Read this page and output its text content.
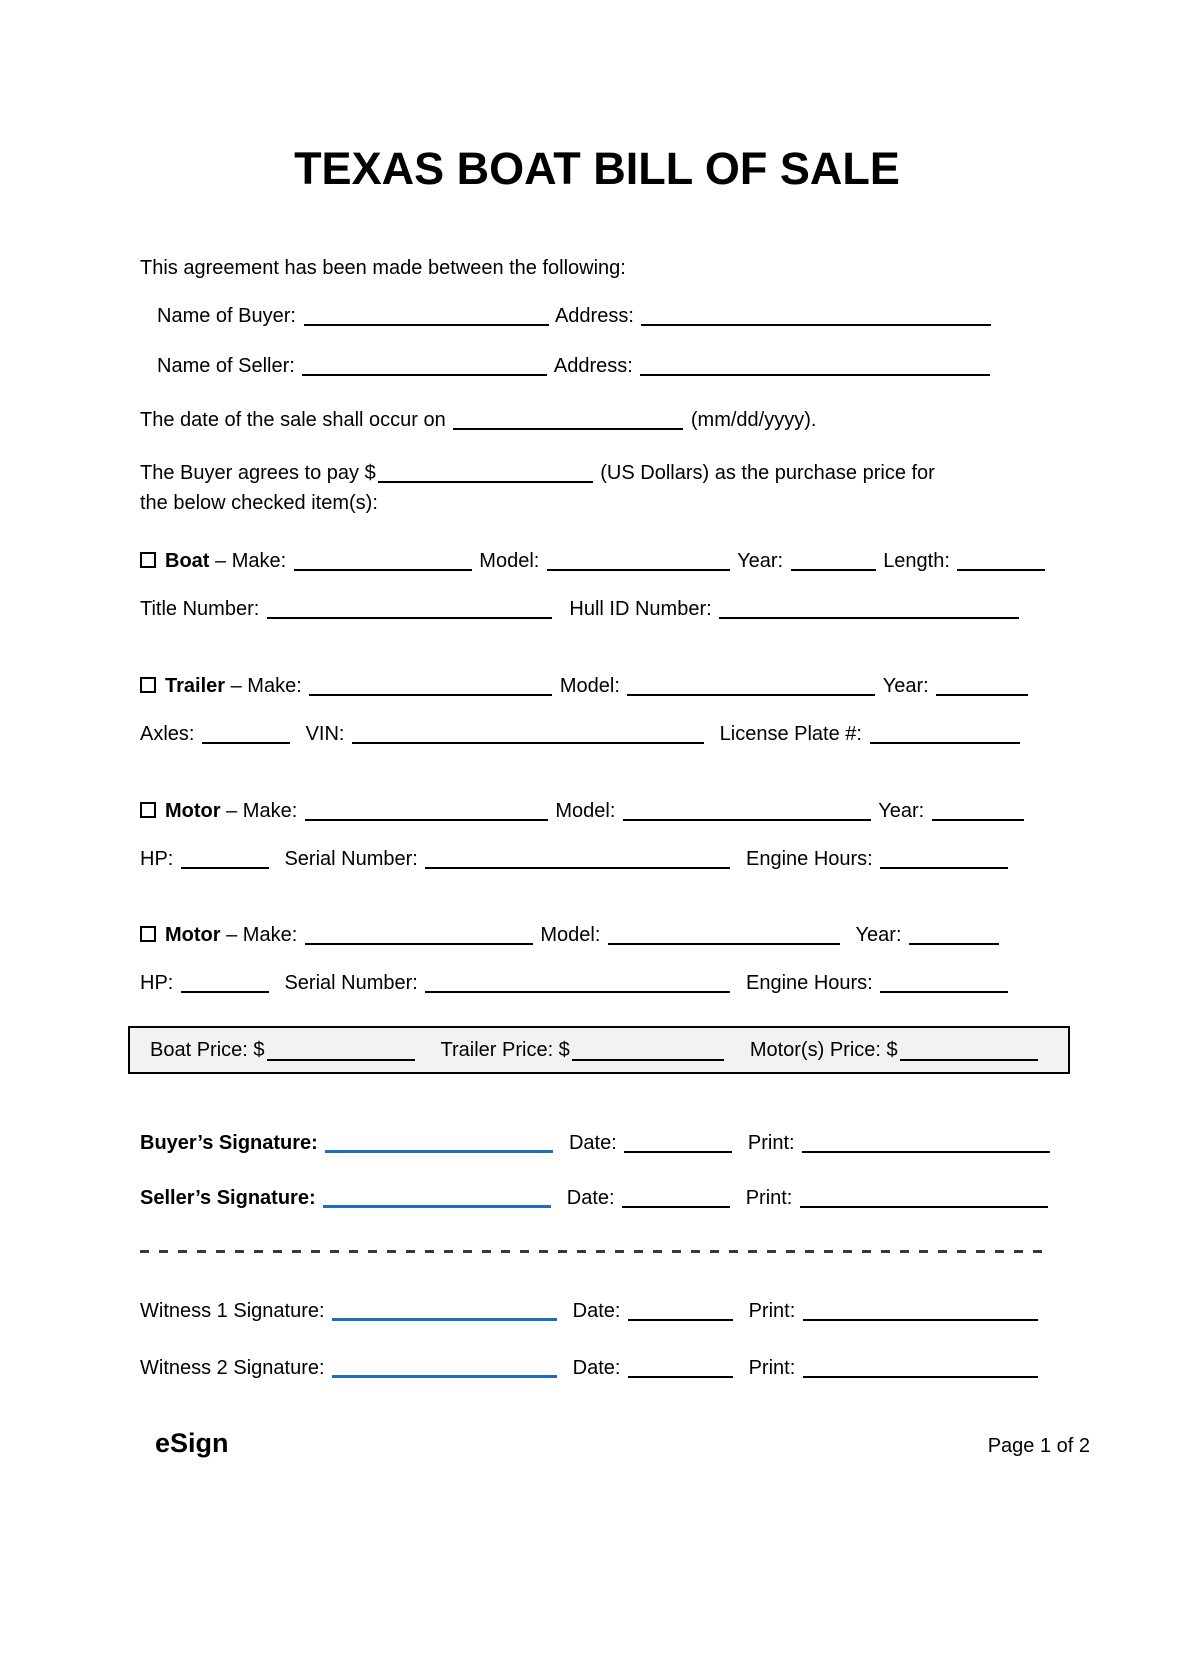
TEXAS BOAT BILL OF SALE

This agreement has been made between the following:

Name of Buyer:	Address:
Name of Seller:	Address:
The date of the sale shall occur on	(mm/dd/yyyy).
The Buyer agrees to pay $	(US Dollars) as the purchase price for
the below checked item(s):
Boat – Make:	Model:	Year:	Length:
Title Number:	Hull ID Number:
Trailer – Make:	Model:	Year:
Axles:	VIN:	License Plate #:
Motor – Make:	Model:	Year:
HP:	Serial Number:	Engine Hours:
Motor – Make:	Model:	Year:
HP:	Serial Number:	Engine Hours:
Boat Price: $	Trailer Price: $	Motor(s) Price: $
Buyer’s Signature:	Date:	Print:
Seller’s Signature:	Date:	Print:
Witness 1 Signature:	Date:	Print:
Witness 2 Signature:	Date:	Print:
eSign	Page 1 of 2
